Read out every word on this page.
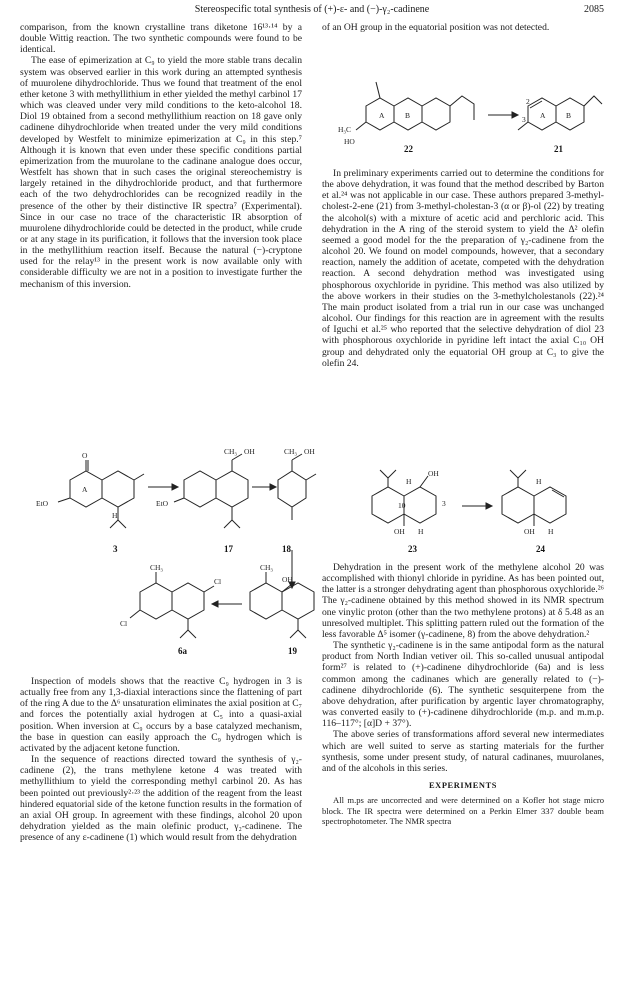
Stereospecific total synthesis of (+)-ε- and (−)-γ₂-cadinene	2085

comparison, from the known crystalline trans diketone 16¹³·¹⁴ by a double Wittig reaction. The two synthetic compounds were found to be identical.

The ease of epimerization at C₉ to yield the more stable trans decalin system was observed earlier in this work during an attempted synthesis of muurolene dihydrochloride. Thus we found that treatment of the enol ether ketone 3 with methyllithium in ether yielded the methyl carbinol 17 which was cleaved under very mild conditions to the keto-alcohol 18. Diol 19 obtained from a second methyllithium reaction on 18 gave only cadinene dihydrochloride when treated under the very mild conditions developed by Westfelt to minimize epimerization at C₉ in this step.⁷ Although it is known that even under these specific conditions partial epimerization from the muurolane to the cadinane analogue does occur, Westfelt has shown that in such cases the original stereochemistry is largely retained in the dihydrochloride product, and that furthermore each of the two dehydrochlorides can be recognized readily in the presence of the other by their distinctive IR spectra⁷ (Experimental). Since in our case no trace of the characteristic IR absorption of muurolene dihydrochloride could be detected in the product, while crude or at any stage in its purification, it follows that the inversion took place in the methyllithium reaction itself. Because the natural (−)-cryptone used for the relay¹³ in the present work is now available only with considerable difficulty we are not in a position to investigate further the mechanism of this inversion.

O
EtO
A
H
EtO
CH₃ OH	CH₃ OH
CH₃
OH
CH₃
Cl
Cl
3	17	18
6a	19

Inspection of models shows that the reactive C₉ hydrogen in 3 is actually free from any 1,3-diaxial interactions since the flattening of part of the ring A due to the Δ⁶ unsaturation eliminates the axial position at C₇ and forces the potentially axial hydrogen at C₅ into a quasi-axial position. When inversion at C₉ occurs by a base catalyzed mechanism, the base in question can easily approach the C₉ hydrogen which is activated by the adjacent ketone function.

In the sequence of reactions directed toward the synthesis of γ₂-cadinene (2), the trans methylene ketone 4 was treated with methyllithium to yield the corresponding methyl carbinol 20. As has been pointed out previously²·²³ the addition of the reagent from the least hindered equatorial side of the ketone function results in the formation of an axial OH group. In agreement with these findings, alcohol 20 upon dehydration yielded as the main olefinic product, γ₂-cadinene. The presence of any ε-cadinene (1) which would result from the dehydration

of an OH group in the equatorial position was not detected.

A	B
H₃C
HO
A	B
2
3
22	21

In preliminary experiments carried out to determine the conditions for the above dehydration, it was found that the method described by Barton et al.²⁴ was not applicable in our case. These authors prepared 3-methyl-cholest-2-ene (21) from 3-methyl-cholestan-3 (α or β)-ol (22) by treating the alcohol(s) with a mixture of acetic acid and perchloric acid. This dehydration in the A ring of the steroid system to yield the Δ² olefin seemed a good model for the the preparation of γ₂-cadinene from the alcohol 20. We found on model compounds, however, that a secondary reaction, namely the addition of acetate, competed with the dehydration reaction. A second dehydration method was investigated using phosphorous oxychloride in pyridine. This method was also utilized by the above workers in their studies on the 3-methylcholestanols (22).²⁴ The main product isolated from a trial run in our case was unchanged alcohol. Our findings for this reaction are in agreement with the results of Iguchi et al.²⁵ who reported that the selective dehydration of diol 23 with phosphorous oxychloride in pyridine left intact the axial C₁₀ OH group and dehydrated only the equatorial OH group at C₃ to give the olefin 24.

OH
H
10
OH H
3
H
OH H
23	24

Dehydration in the present work of the methylene alcohol 20 was accomplished with thionyl chloride in pyridine. As has been pointed out, the latter is a stronger dehydrating agent than phosphorous oxychloride.²⁶ The γ₂-cadinene obtained by this method showed in its NMR spectrum one vinylic proton (other than the two methylene protons) at δ 5.48 as an unresolved multiplet. This splitting pattern ruled out the formation of the less favorable Δ⁵ isomer (γ-cadinene, 8) from the above dehydration.²

The synthetic γ₂-cadinene is in the same antipodal form as the natural product from North Indian vetiver oil. This so-called unusual antipodal form²⁷ is related to (+)-cadinene dihydrochloride (6a) and is less common among the cadinanes which are generally related to (−)-cadinene dihydrochloride (6). The synthetic sesquiterpene from the above dehydration, after purification by argentic layer chromatography, was converted easily to (+)-cadinene dihydrochloride (m.p. and m.m.p. 116–117°; [α]D + 37°).

The above series of transformations afford several new intermediates which are well suited to serve as starting materials for the further synthesis, some under present study, of natural cadinanes, muurolanes, and of the alcohols in this series.

EXPERIMENTS

All m.ps are uncorrected and were determined on a Kofler hot stage micro block. The IR spectra were determined on a Perkin Elmer 337 double beam spectrophotometer. The NMR spectra
